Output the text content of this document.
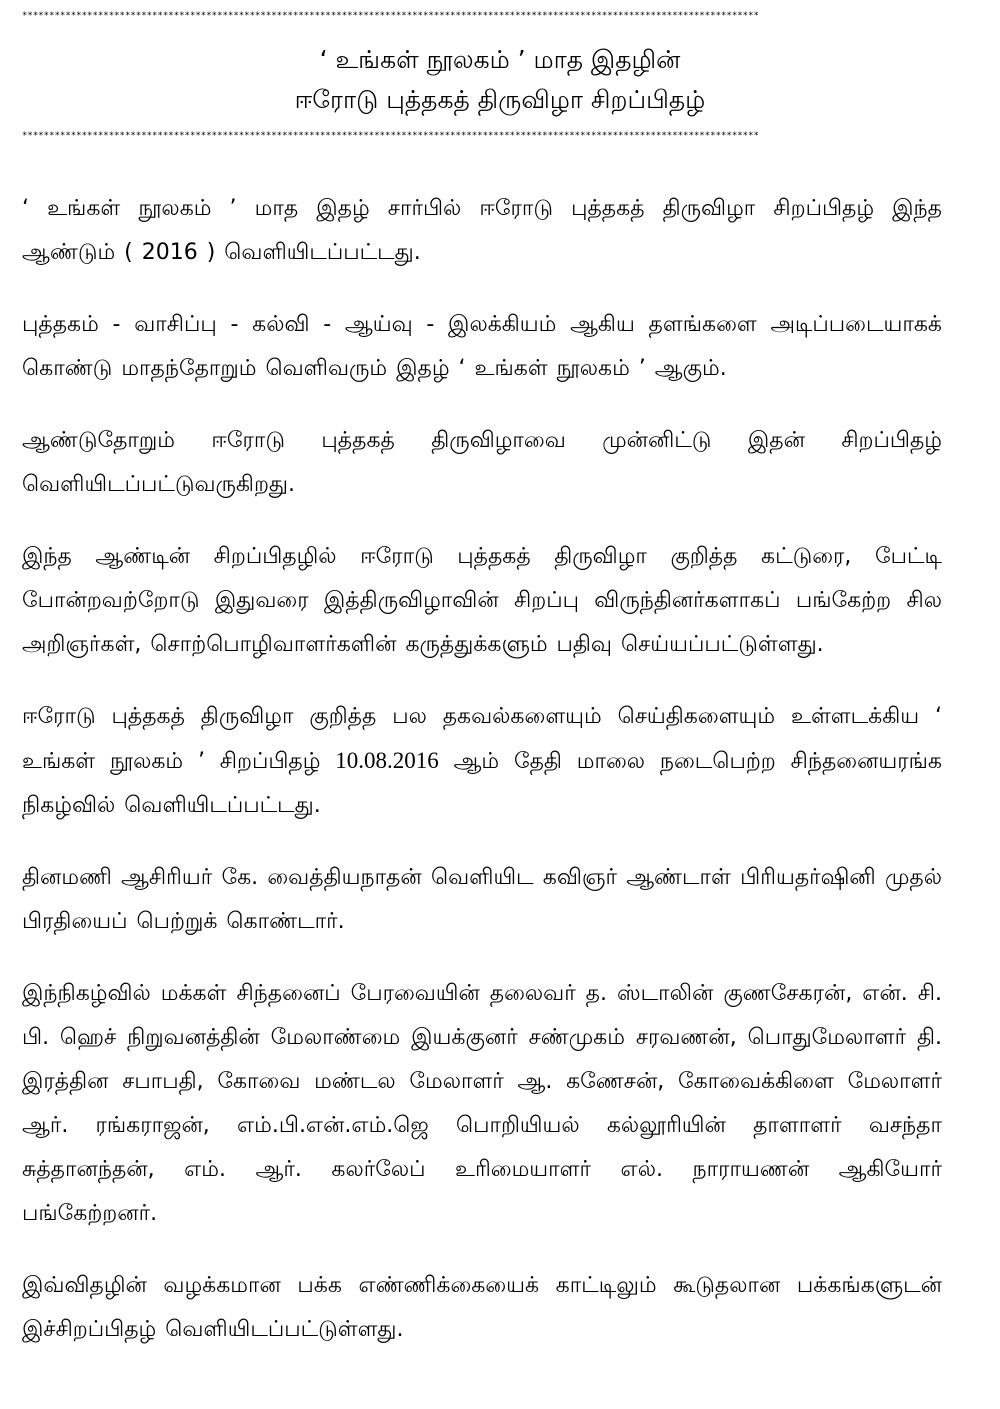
****************************************************************************************************************************************
‘ உங்கள் நூலகம் ’ மாத இதழின்
ஈரோடு புத்தகத் திருவிழா சிறப்பிதழ்
****************************************************************************************************************************************

‘ உங்கள் நூலகம் ’ மாத இதழ் சார்பில் ஈரோடு புத்தகத் திருவிழா சிறப்பிதழ் இந்த ஆண்டும் ( 2016 ) வெளியிடப்பட்டது.

புத்தகம் - வாசிப்பு - கல்வி - ஆய்வு - இலக்கியம் ஆகிய தளங்களை அடிப்படையாகக் கொண்டு மாதந்தோறும் வெளிவரும் இதழ் ‘ உங்கள் நூலகம் ’ ஆகும்.

ஆண்டுதோறும் ஈரோடு புத்தகத் திருவிழாவை முன்னிட்டு இதன் சிறப்பிதழ் வெளியிடப்பட்டுவருகிறது.

இந்த ஆண்டின் சிறப்பிதழில் ஈரோடு புத்தகத் திருவிழா குறித்த கட்டுரை, பேட்டி போன்றவற்றோடு இதுவரை இத்திருவிழாவின் சிறப்பு விருந்தினர்களாகப் பங்கேற்ற சில அறிஞர்கள், சொற்பொழிவாளர்களின் கருத்துக்களும் பதிவு செய்யப்பட்டுள்ளது.

ஈரோடு புத்தகத் திருவிழா குறித்த பல தகவல்களையும் செய்திகளையும் உள்ளடக்கிய ‘ உங்கள் நூலகம் ’ சிறப்பிதழ் 10.08.2016 ஆம் தேதி மாலை நடைபெற்ற சிந்தனையரங்க நிகழ்வில் வெளியிடப்பட்டது.

தினமணி ஆசிரியர் கே. வைத்தியநாதன் வெளியிட கவிஞர் ஆண்டாள் பிரியதர்ஷினி முதல் பிரதியைப் பெற்றுக் கொண்டார்.

இந்நிகழ்வில் மக்கள் சிந்தனைப் பேரவையின் தலைவர் த. ஸ்டாலின் குணசேகரன், என். சி. பி. ஹெச் நிறுவனத்தின் மேலாண்மை இயக்குனர் சண்முகம் சரவணன், பொதுமேலாளர் தி. இரத்தின சபாபதி, கோவை மண்டல மேலாளர் ஆ. கணேசன், கோவைக்கிளை மேலாளர் ஆர். ரங்கராஜன், எம்.பி.என்.எம்.ஜெ பொறியியல் கல்லூரியின் தாளாளர் வசந்தா சுத்தானந்தன், எம். ஆர். கலர்லேப் உரிமையாளர் எல். நாராயணன் ஆகியோர் பங்கேற்றனர்.

இவ்விதழின் வழக்கமான பக்க எண்ணிக்கையைக் காட்டிலும் கூடுதலான பக்கங்களுடன் இச்சிறப்பிதழ் வெளியிடப்பட்டுள்ளது.
